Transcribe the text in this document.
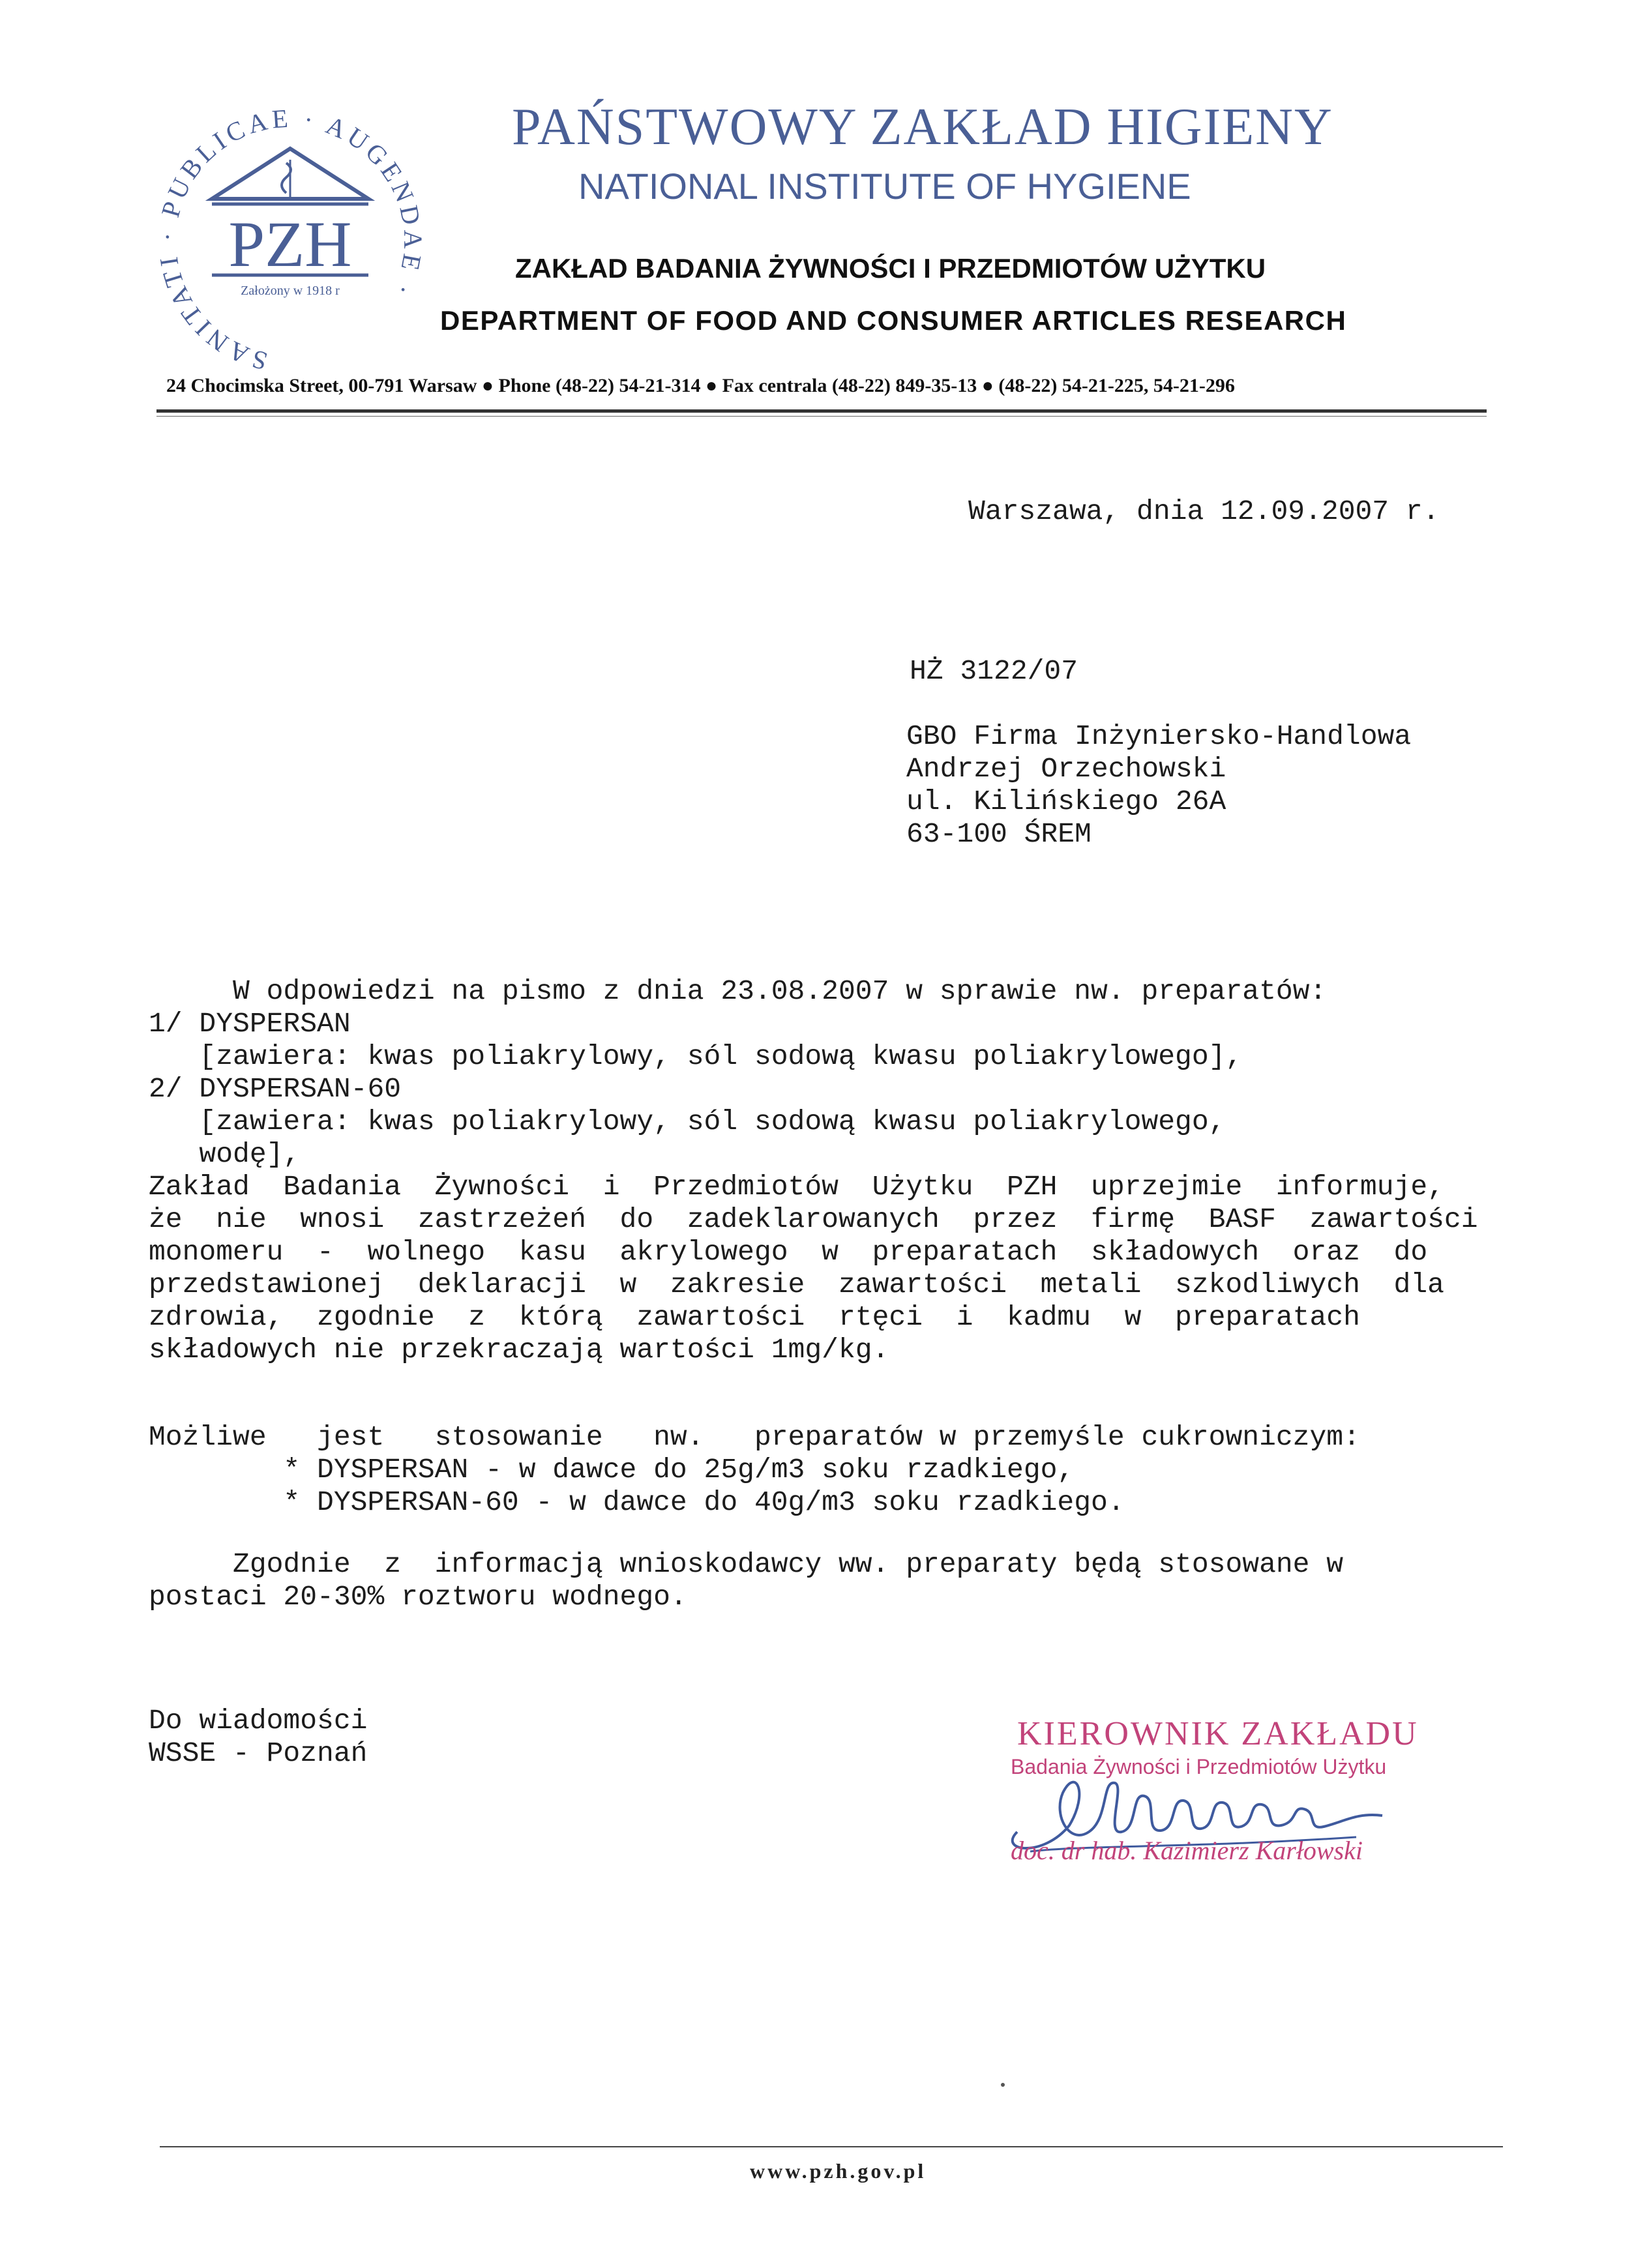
SANITATI · PUBLICAE · AUGENDAE ·
PZH
Założony w 1918 r
PAŃSTWOWY ZAKŁAD HIGIENY
NATIONAL INSTITUTE OF HYGIENE
ZAKŁAD BADANIA ŻYWNOŚCI I PRZEDMIOTÓW UŻYTKU
DEPARTMENT OF FOOD AND CONSUMER ARTICLES RESEARCH
24 Chocimska Street, 00-791 Warsaw ● Phone (48-22) 54-21-314 ● Fax centrala (48-22) 849-35-13 ● (48-22) 54-21-225, 54-21-296
Warszawa, dnia 12.09.2007 r.
HŻ 3122/07
GBO Firma Inżyniersko-Handlowa
Andrzej Orzechowski
ul. Kilińskiego 26A
63-100 ŚREM
W odpowiedzi na pismo z dnia 23.08.2007 w sprawie nw. preparatów:
1/ DYSPERSAN
[zawiera: kwas poliakrylowy, sól sodową kwasu poliakrylowego],
2/ DYSPERSAN-60
[zawiera: kwas poliakrylowy, sól sodową kwasu poliakrylowego,
wodę],
Zakład  Badania  Żywności  i  Przedmiotów  Użytku  PZH  uprzejmie  informuje,
że  nie  wnosi  zastrzeżeń  do  zadeklarowanych  przez  firmę  BASF  zawartości
monomeru  -  wolnego  kasu  akrylowego  w  preparatach  składowych  oraz  do
przedstawionej  deklaracji  w  zakresie  zawartości  metali  szkodliwych  dla
zdrowia,  zgodnie  z  którą  zawartości  rtęci  i  kadmu  w  preparatach
składowych nie przekraczają wartości 1mg/kg.
Możliwe   jest   stosowanie   nw.   preparatów w przemyśle cukrowniczym:
* DYSPERSAN - w dawce do 25g/m3 soku rzadkiego,
* DYSPERSAN-60 - w dawce do 40g/m3 soku rzadkiego.
Zgodnie  z  informacją wnioskodawcy ww. preparaty będą stosowane w
postaci 20-30% roztworu wodnego.
Do wiadomości
WSSE - Poznań
KIEROWNIK ZAKŁADU
Badania Żywności i Przedmiotów Użytku
doc. dr hab. Kazimierz Karłowski
www.pzh.gov.pl
